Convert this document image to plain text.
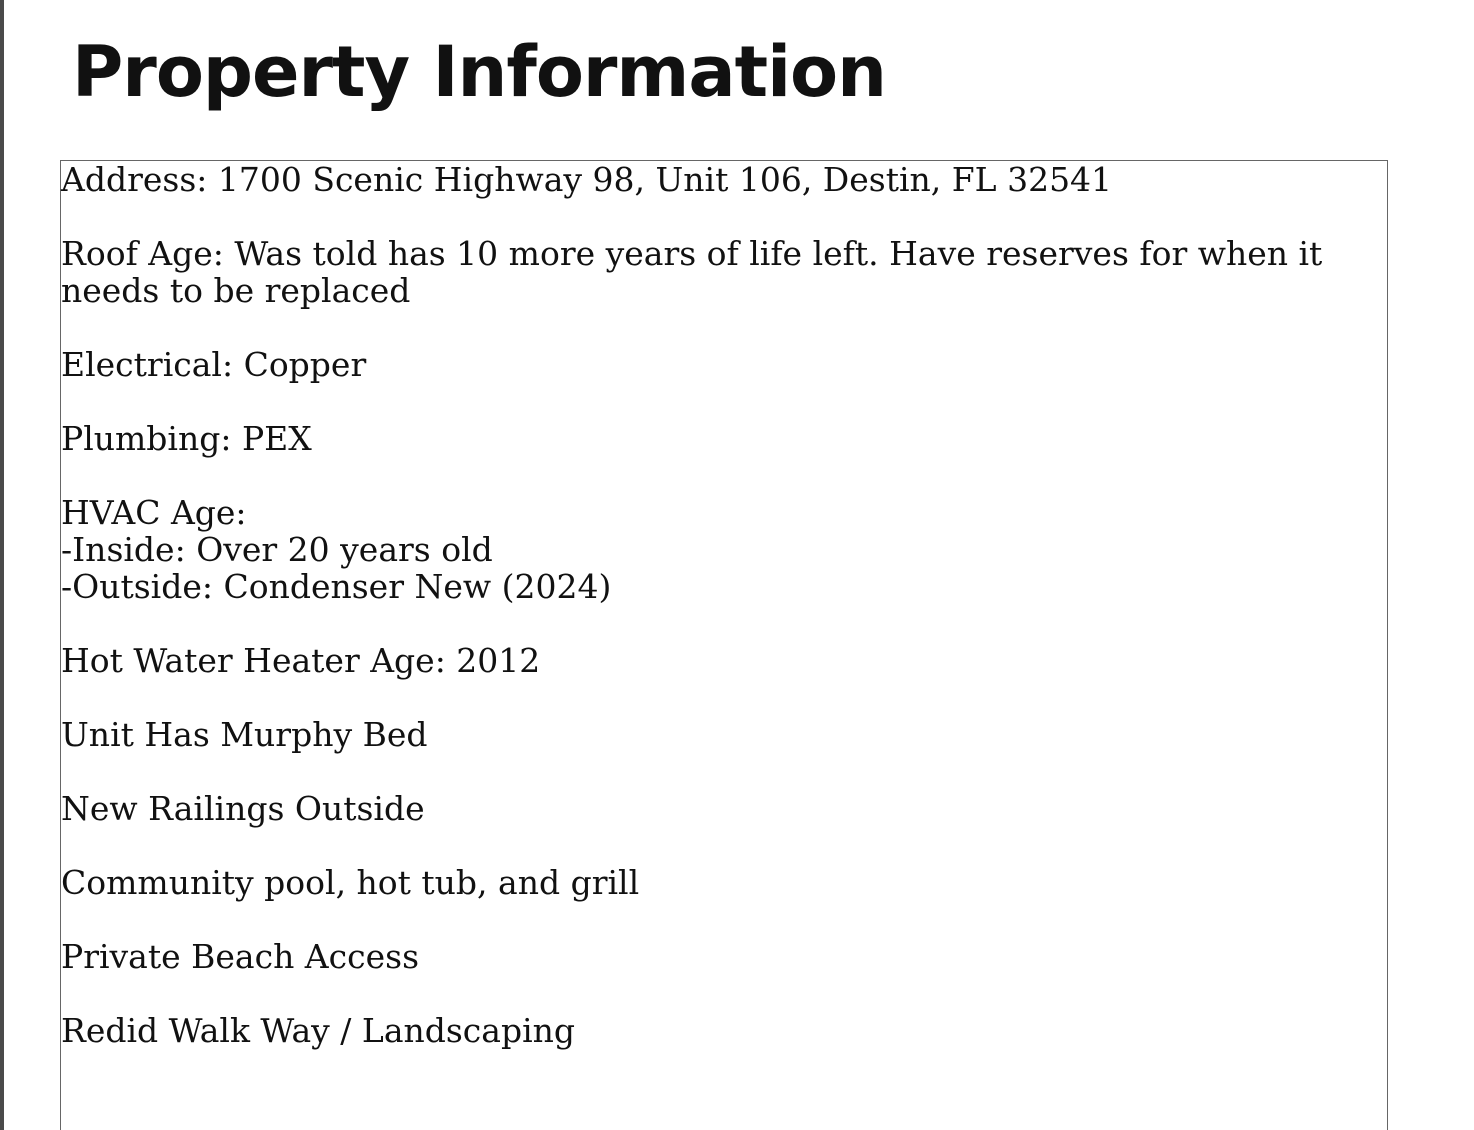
Property Information

Address: 1700 Scenic Highway 98, Unit 106, Destin, FL 32541

Roof Age: Was told has 10 more years of life left. Have reserves for when it needs to be replaced

Electrical: Copper

Plumbing: PEX

HVAC Age:
-Inside: Over 20 years old
-Outside: Condenser New (2024)

Hot Water Heater Age: 2012

Unit Has Murphy Bed

New Railings Outside

Community pool, hot tub, and grill

Private Beach Access

Redid Walk Way / Landscaping
